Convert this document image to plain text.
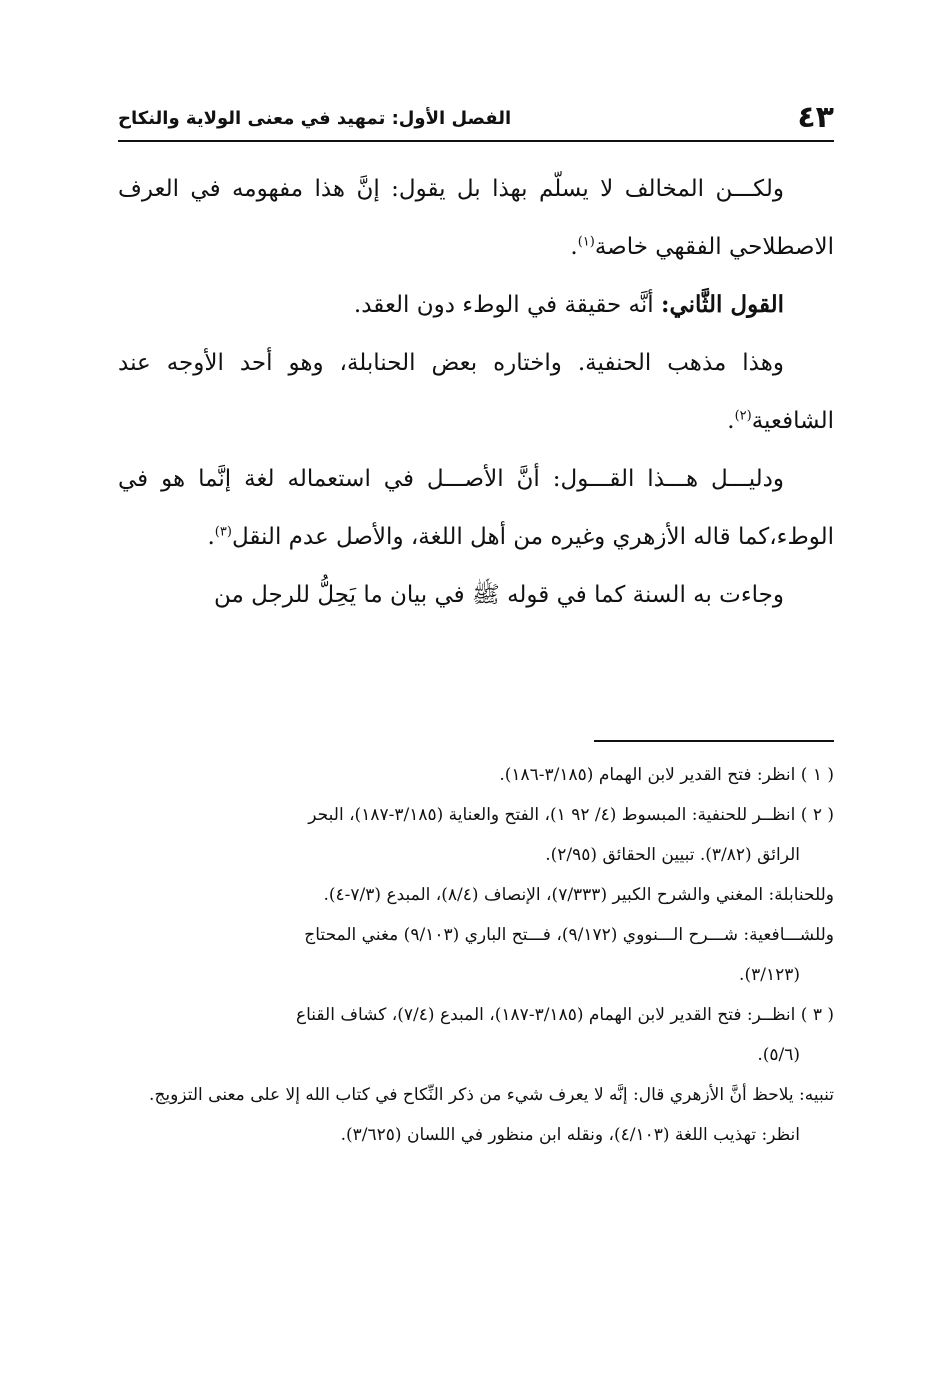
٤٣
الفصل الأول: تمهيد في معنى الولاية والنكاح

ولكـــن المخالف لا يسلّم بهذا بل يقول: إنَّ هذا مفهومه في العرف الاصطلاحي الفقهي خاصة$^{(١)}$.

القول الثَّاني: أنَّه حقيقة في الوطء دون العقد.

وهذا مذهب الحنفية. واختاره بعض الحنابلة، وهو أحد الأوجه عند الشافعية$^{(٢)}$.

ودليـــل هـــذا القـــول: أنَّ الأصـــل في استعماله لغة إنَّما هو في الوطء،كما قاله الأزهري وغيره من أهل اللغة، والأصل عدم النقل$^{(٣)}$.

وجاءت به السنة كما في قوله ﷺ في بيان ما يَحِلُّ للرجل من

( ١ ) انظر: فتح القدير لابن الهمام (٣/١٨٥-١٨٦).

( ٢ ) انظــر للحنفية: المبسوط (٤/ ٩٢ ١)، الفتح والعناية (٣/١٨٥-١٨٧)، البحر

الرائق (٣/٨٢). تبيين الحقائق (٢/٩٥).

وللحنابلة: المغني والشرح الكبير (٧/٣٣٣)، الإنصاف (٨/٤)، المبدع (٧/٣-٤).

وللشـــافعية: شـــرح الـــنووي (٩/١٧٢)، فـــتح الباري (٩/١٠٣) مغني المحتاج

(٣/١٢٣).

( ٣ ) انظــر: فتح القدير لابن الهمام (٣/١٨٥-١٨٧)، المبدع (٧/٤)، كشاف القناع

(٥/٦).

تنبيه: يلاحظ أنَّ الأزهري قال: إنَّه لا يعرف شيء من ذكر النِّكاح في كتاب الله إلا على معنى التزويج.

انظر: تهذيب اللغة (٤/١٠٣)، ونقله ابن منظور في اللسان (٣/٦٢٥).
